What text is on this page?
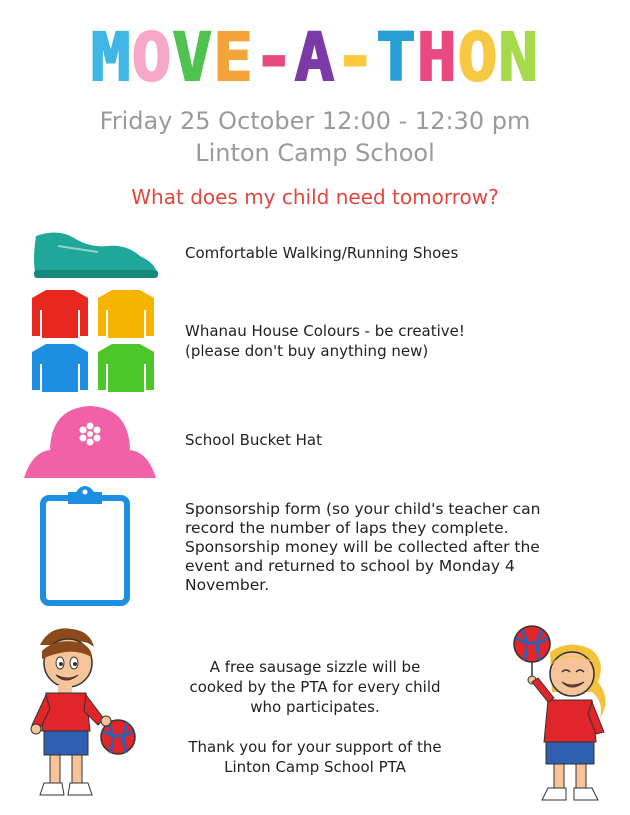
MOVE-A-THON
Friday 25 October 12:00 - 12:30 pm
Linton Camp School
What does my child need tomorrow?
Comfortable Walking/Running Shoes
Whanau House Colours - be creative!
(please don't buy anything new)
School Bucket Hat
Sponsorship form (so your child's teacher can
record the number of laps they complete.
Sponsorship money will be collected after the
event and returned to school by Monday 4
November.
A free sausage sizzle will be
cooked by the PTA for every child
who participates.
Thank you for your support of the
Linton Camp School PTA
